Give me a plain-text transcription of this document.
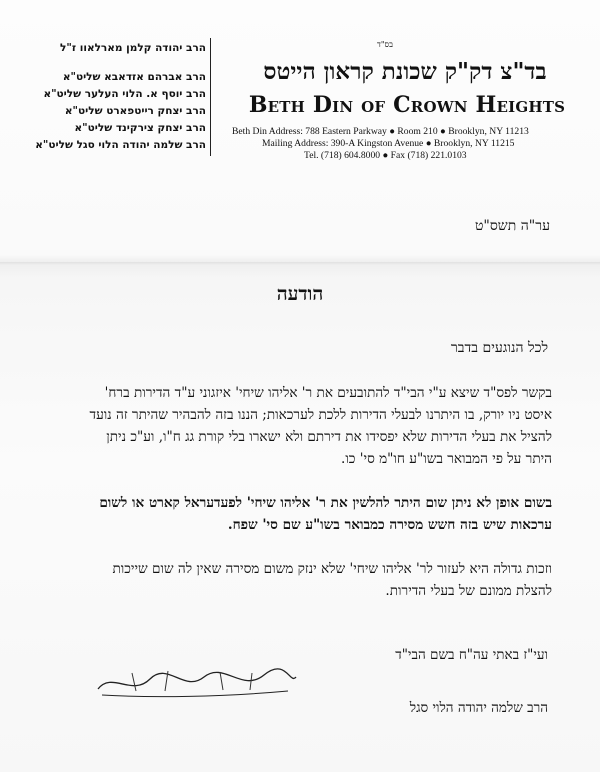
בס"ד
הרב יהודה קלמן מארלאוו ז"ל
הרב אברהם אזדאבא שליט"א
הרב יוסף א. הלוי העלער שליט"א
הרב יצחק רייטפארט שליט"א
הרב יצחק צירקינד שליט"א
הרב שלמה יהודה הלוי סגל שליט"א
בד"צ דק"ק שכונת קראון הייטס
Beth Din of Crown Heights
Beth Din Address: 788 Eastern Parkway ● Room 210 ● Brooklyn, NY 11213
Mailing Address: 390-A Kingston Avenue ● Brooklyn, NY 11215
Tel. (718) 604.8000 ● Fax (718) 221.0103
ער"ה תשס"ט
הודעה
לכל הנוגעים בדבר
בקשר לפס"ד שיצא ע"י הבי"ד להתובעים את ר' אליהו שיחי' איזגוני ע"ד הדירות ברח' איסט ניו יורק, בו היתרנו לבעלי הדירות ללכת לערכאות; הננו בזה להבהיר שהיתר זה נועד להציל את בעלי הדירות שלא יפסידו את דירתם ולא ישארו בלי קורת גג ח"ו, וע"כ ניתן היתר על פי המבואר בשו"ע חו"מ סי' כו.
בשום אופן לא ניתן שום היתר להלשין את ר' אליהו שיחי' לפעדעראל קארט או לשום ערכאות שיש בזה חשש מסירה כמבואר בשו"ע שם סי' שפח.
וזכות גדולה היא לעזור לר' אליהו שיחי' שלא ינזק משום מסירה שאין לה שום שייכות להצלת ממונם של בעלי הדירות.
ועי"ז באתי עה"ח בשם הבי"ד
הרב שלמה יהודה הלוי סגל
